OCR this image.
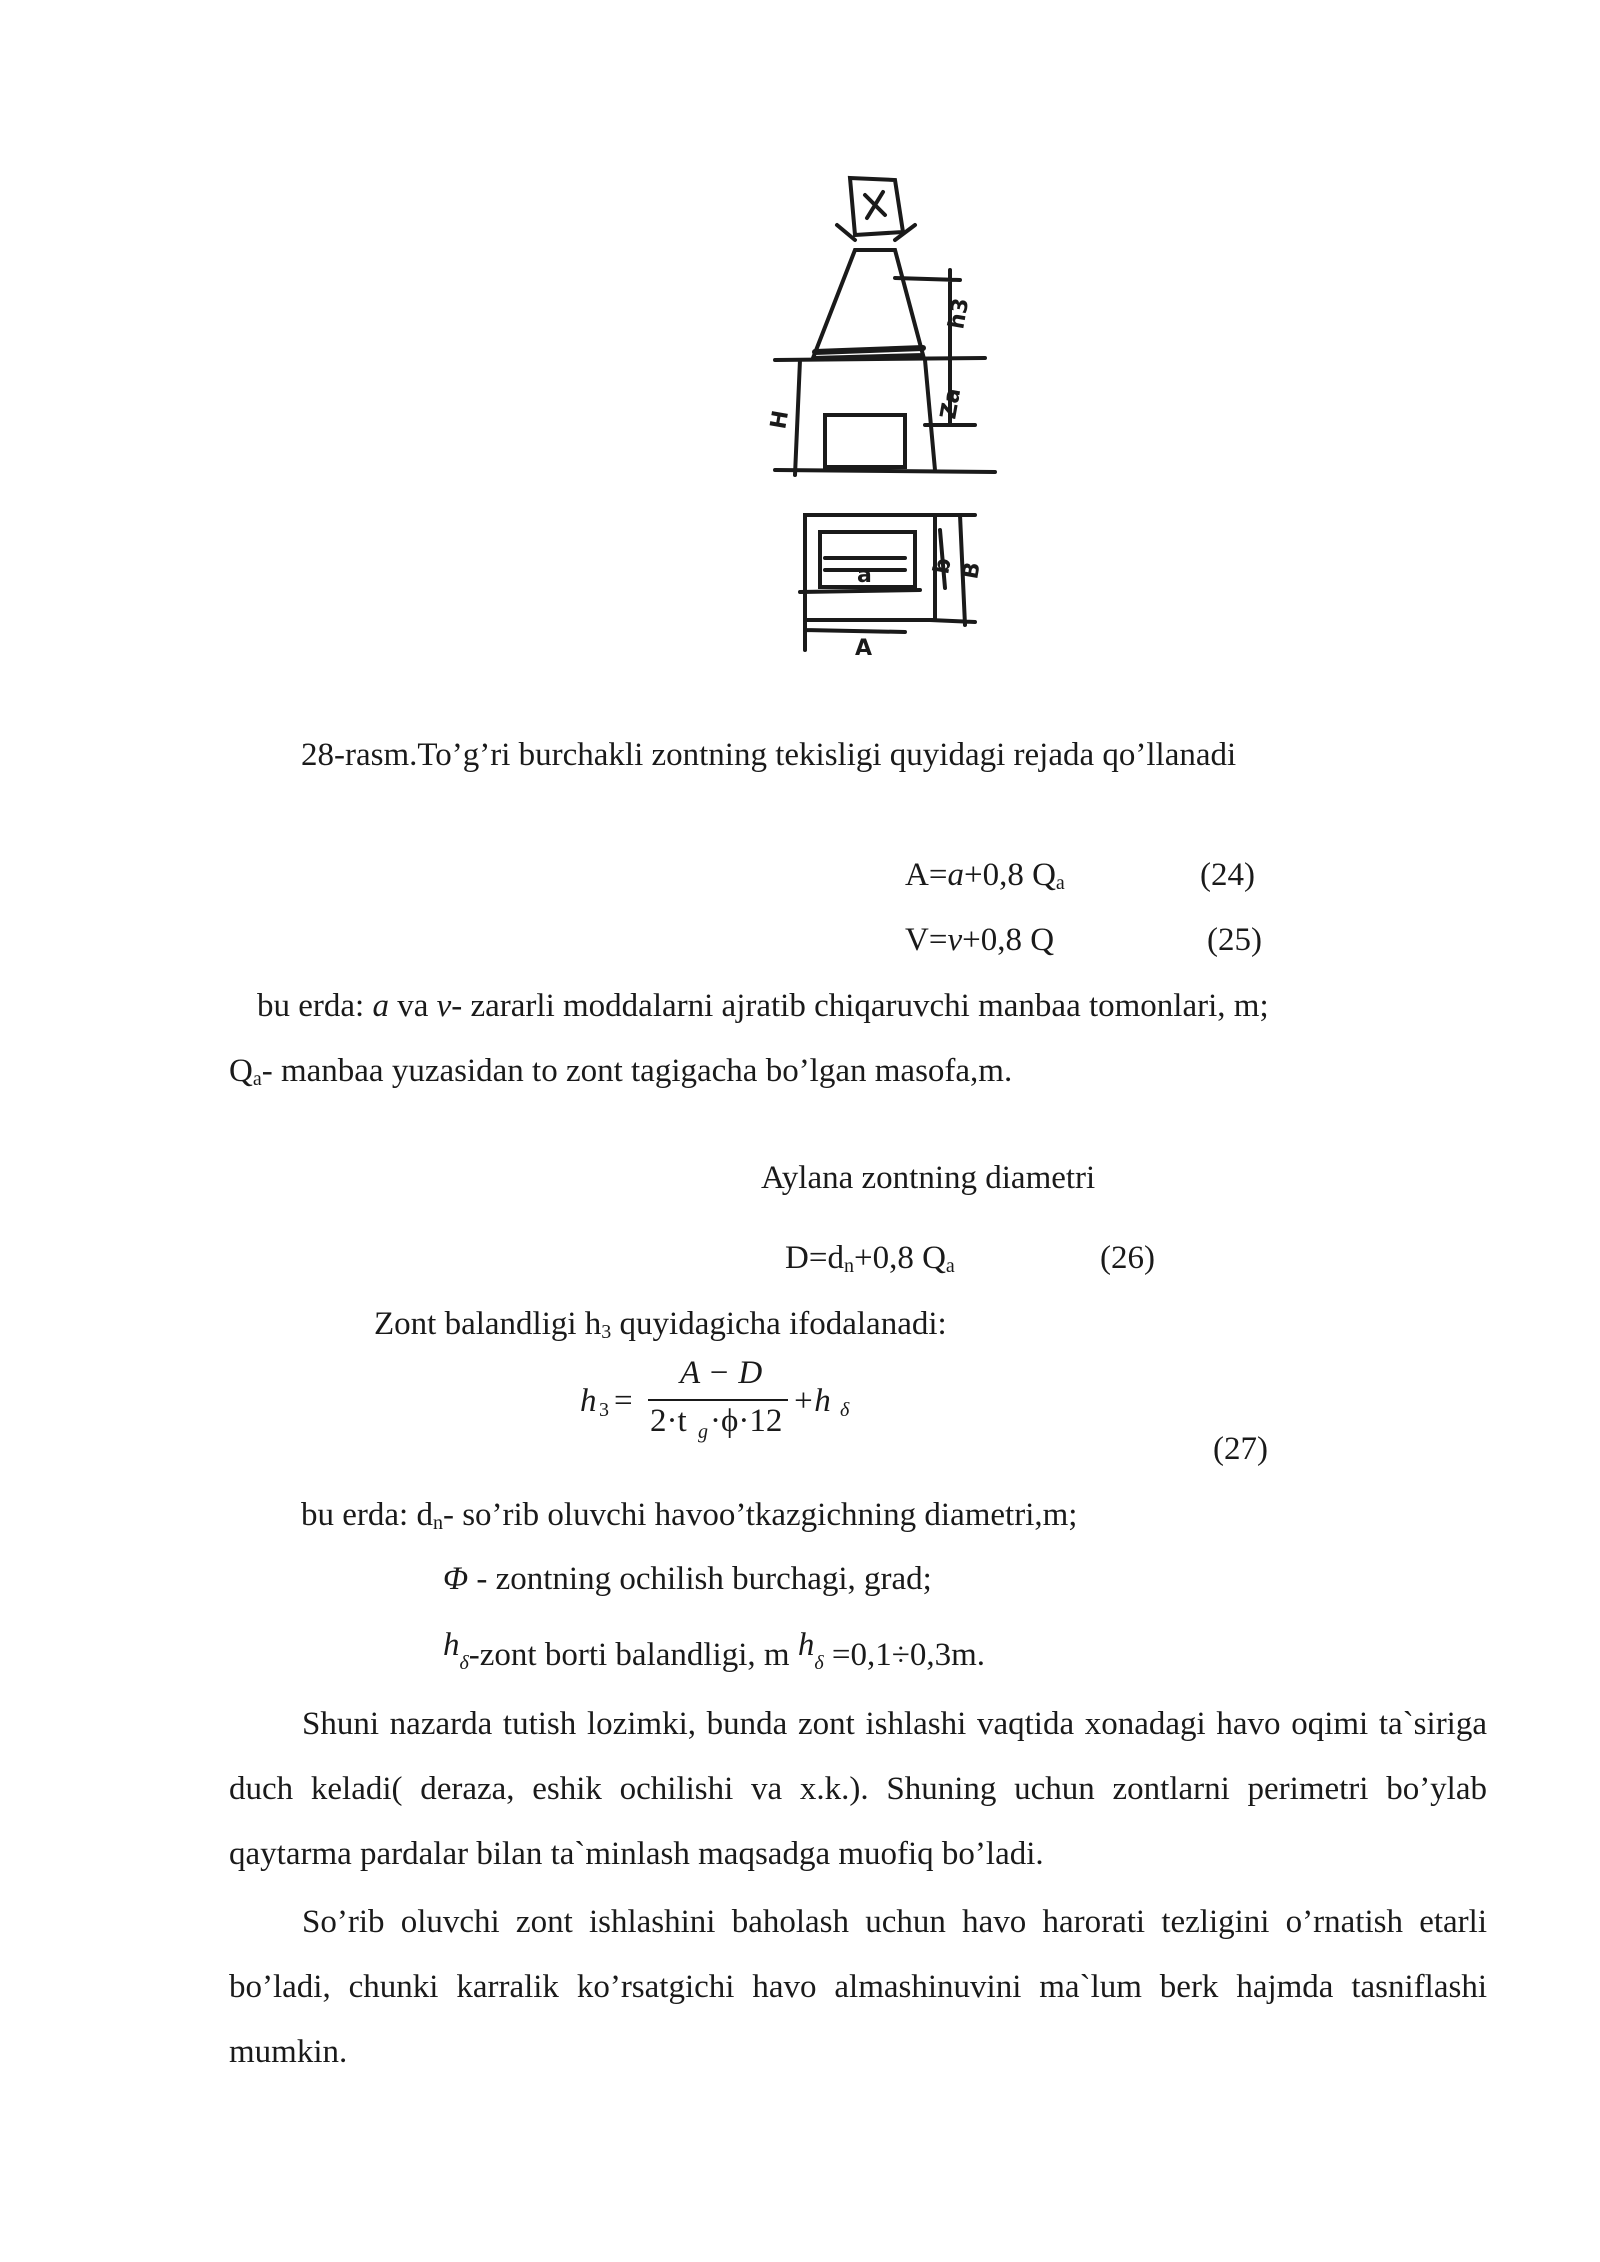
h3
Za
H
a
A
b B
28-rasm.To’g’ri burchakli zontning tekisligi quyidagi rejada qo’llanadi
A=a+0,8 $Q_a$	(24)
V=v+0,8 Q	(25)
bu erda: a va v- zararli moddalarni ajratib chiqaruvchi manbaa tomonlari, m;
$Q_a-$ manbaa yuzasidan to zont tagigacha bo’lgan masofa,m.
Aylana zontning diametri
$D=d_n+0,8$ $Q_a$	(26)
Zont balandligi $h_3$ quyidagicha ifodalanadi:
h 3 =
A − D
2·t g ·ϕ·12
+h δ
(27)
bu erda: $d_n-$ so’rib oluvchi havoo’tkazgichning diametri,m;
Φ - zontning ochilish burchagi, grad;
$h_\delta$-zont borti balandligi, m $h_\delta =0,1\div 0,3m$.

Shuni nazarda tutish lozimki, bunda zont ishlashi vaqtida xonadagi havo oqimi ta`siriga duch keladi( deraza, eshik ochilishi va x.k.). Shuning uchun zontlarni perimetri bo’ylab qaytarma pardalar bilan ta`minlash maqsadga muofiq bo’ladi.

So’rib oluvchi zont ishlashini baholash uchun havo harorati tezligini o’rnatish etarli bo’ladi, chunki karralik ko’rsatgichi havo almashinuvini ma`lum berk hajmda tasniflashi mumkin.
